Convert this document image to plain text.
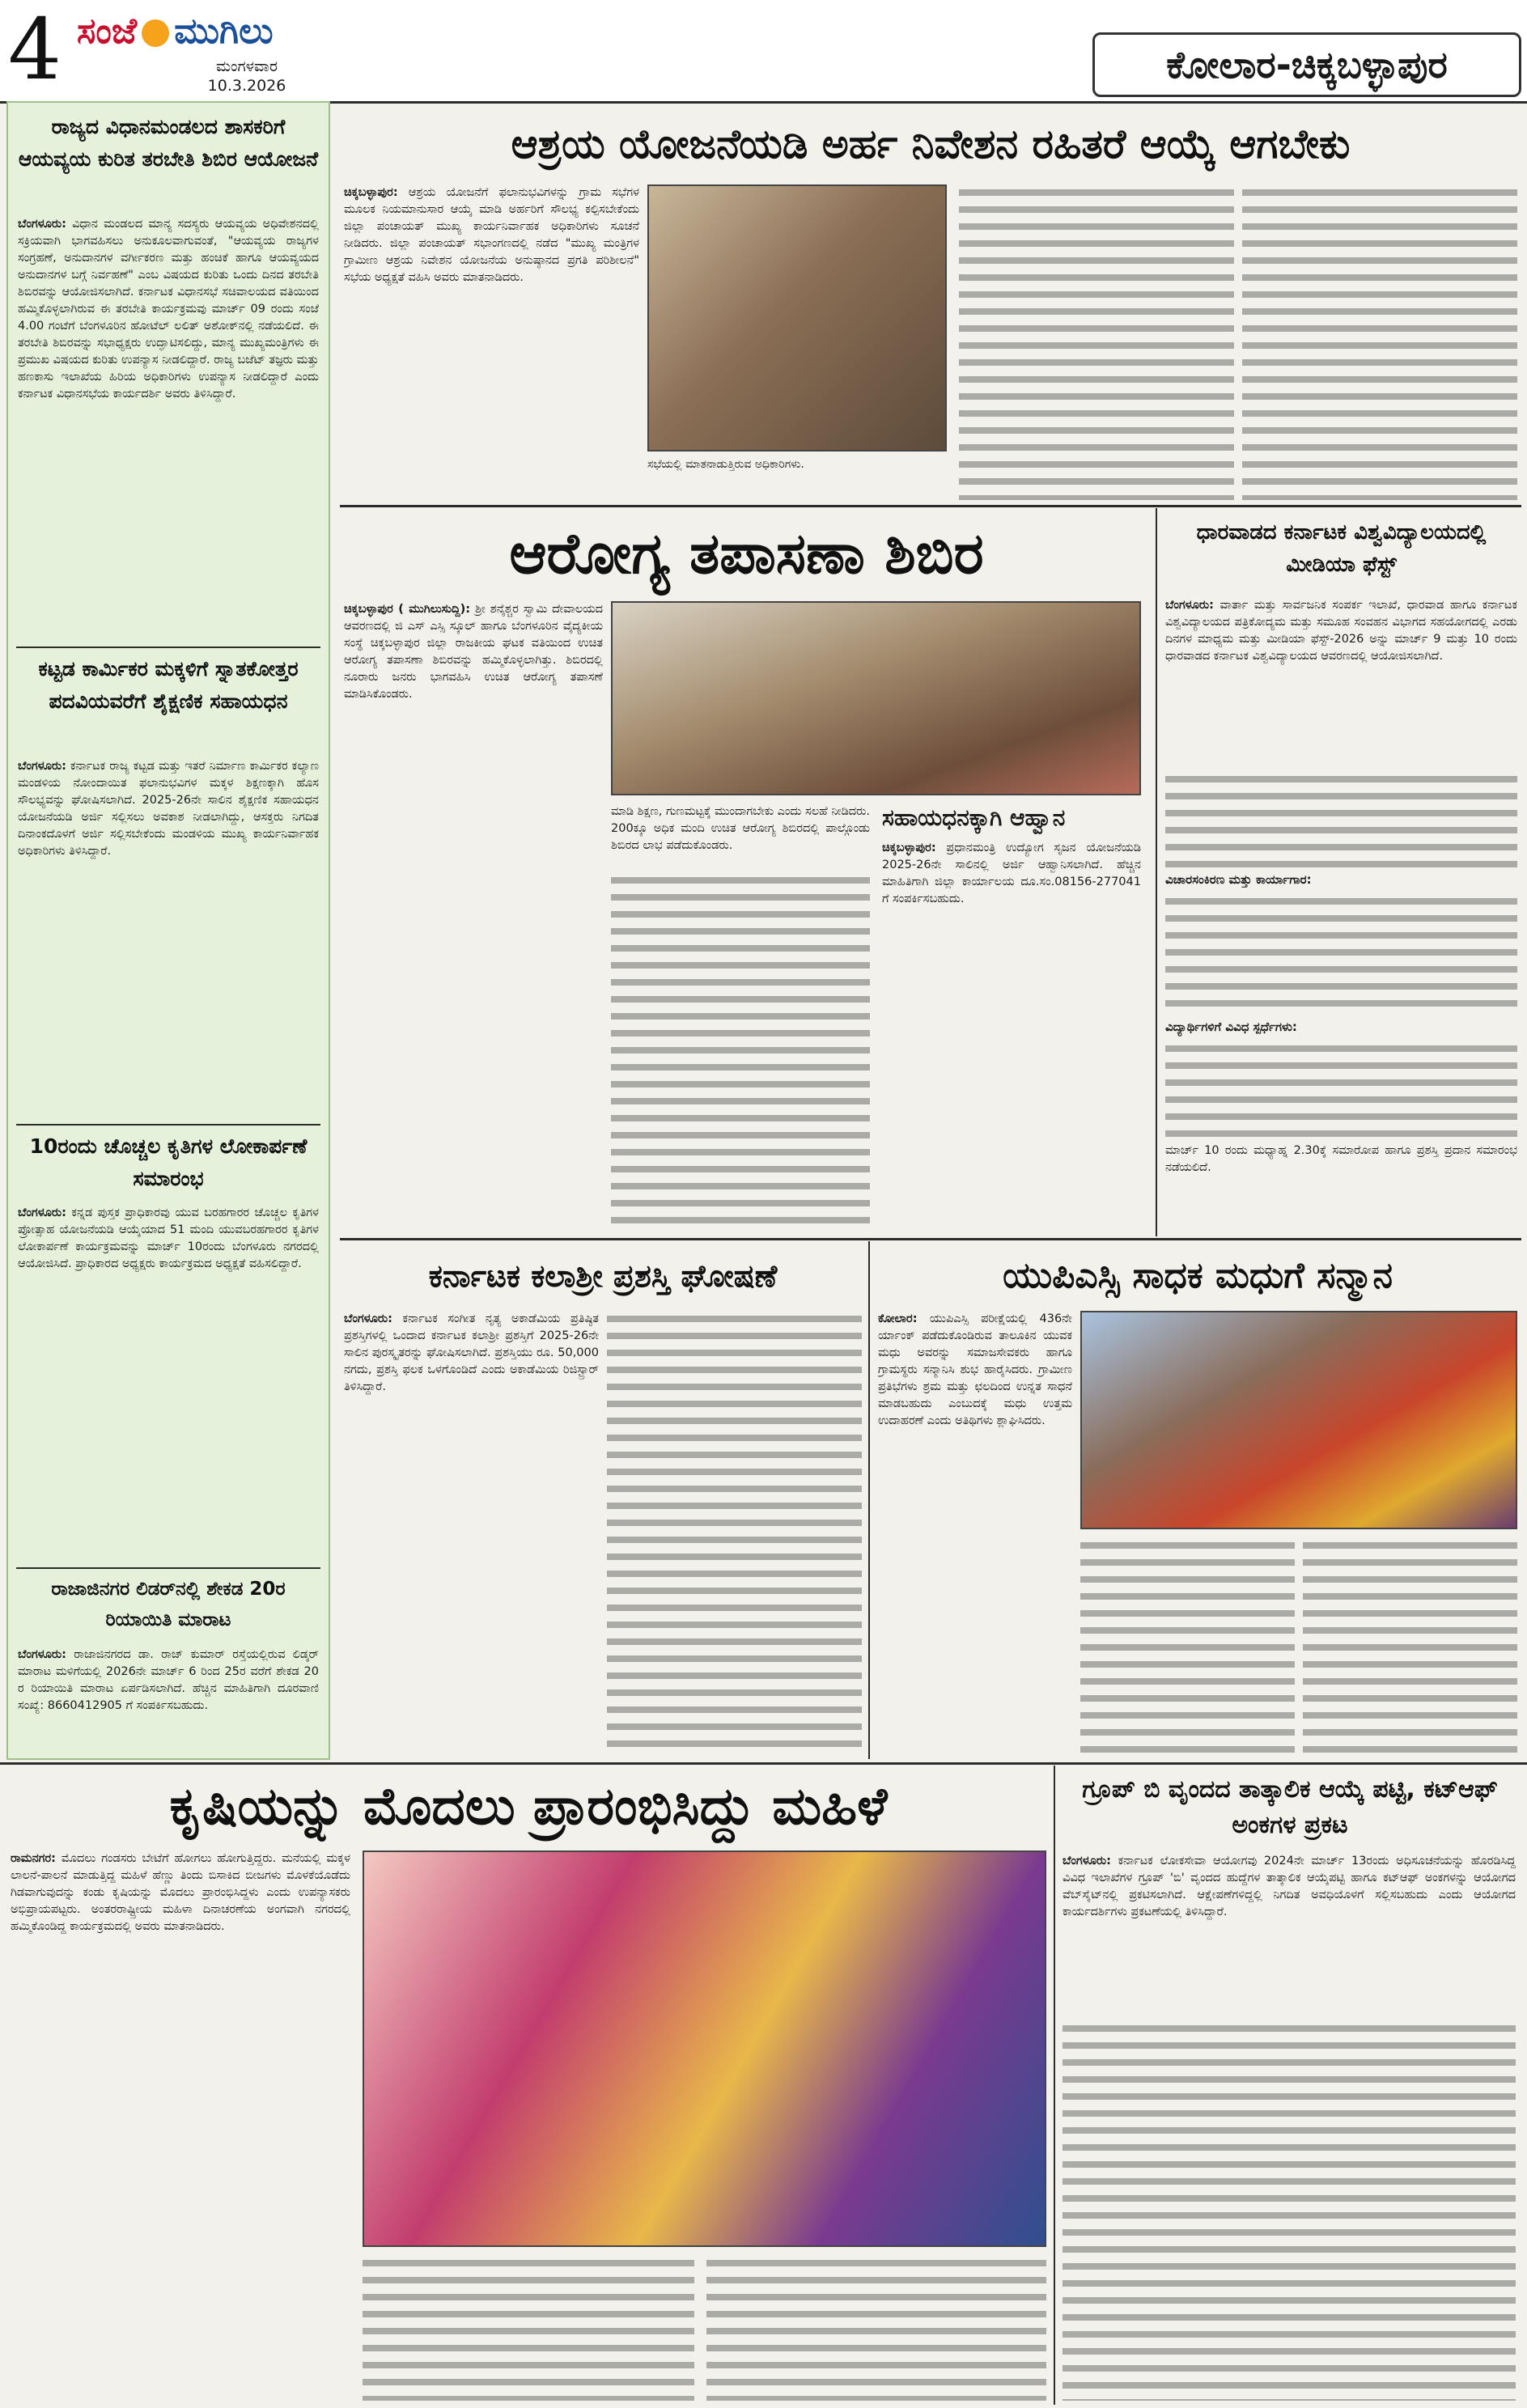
4 ಸಂಜೆ ಮುಗಿಲು
ಮಂಗಳವಾರ
10.3.2026	ಕೋಲಾರ-ಚಿಕ್ಕಬಳ್ಳಾಪುರ
ರಾಜ್ಯದ ವಿಧಾನಮಂಡಲದ ಶಾಸಕರಿಗೆ ಆಯವ್ಯಯ ಕುರಿತ ತರಬೇತಿ ಶಿಬಿರ ಆಯೋಜನೆ
ಬೆಂಗಳೂರು: ವಿಧಾನ ಮಂಡಲದ ಮಾನ್ಯ ಸದಸ್ಯರು ಆಯವ್ಯಯ ಅಧಿವೇಶನದಲ್ಲಿ ಸಕ್ರಿಯವಾಗಿ ಭಾಗವಹಿಸಲು ಅನುಕೂಲವಾಗುವಂತೆ, "ಆಯವ್ಯಯ ರಾಜ್ಯಗಳ ಸಂಗ್ರಹಣೆ, ಅನುದಾನಗಳ ವರ್ಗೀಕರಣ ಮತ್ತು ಹಂಚಿಕೆ ಹಾಗೂ ಆಯವ್ಯಯದ ಅನುದಾನಗಳ ಬಗ್ಗೆ ನಿರ್ವಹಣೆ" ಎಂಬ ವಿಷಯದ ಕುರಿತು ಒಂದು ದಿನದ ತರಬೇತಿ ಶಿಬಿರವನ್ನು ಆಯೋಜಿಸಲಾಗಿದೆ. ಕರ್ನಾಟಕ ವಿಧಾನಸಭೆ ಸಚಿವಾಲಯದ ವತಿಯಿಂದ ಹಮ್ಮಿಕೊಳ್ಳಲಾಗಿರುವ ಈ ತರಬೇತಿ ಕಾರ್ಯಕ್ರಮವು ಮಾರ್ಚ್ 09 ರಂದು ಸಂಜೆ 4.00 ಗಂಟೆಗೆ ಬೆಂಗಳೂರಿನ ಹೋಟೆಲ್ ಲಲಿತ್ ಅಶೋಕ್‌ನಲ್ಲಿ ನಡೆಯಲಿದೆ. ಈ ತರಬೇತಿ ಶಿಬಿರವನ್ನು ಸಭಾಧ್ಯಕ್ಷರು ಉದ್ಘಾಟಿಸಲಿದ್ದು, ಮಾನ್ಯ ಮುಖ್ಯಮಂತ್ರಿಗಳು ಈ ಪ್ರಮುಖ ವಿಷಯದ ಕುರಿತು ಉಪನ್ಯಾಸ ನೀಡಲಿದ್ದಾರೆ. ರಾಜ್ಯ ಬಜೆಟ್ ತಜ್ಞರು ಮತ್ತು ಹಣಕಾಸು ಇಲಾಖೆಯ ಹಿರಿಯ ಅಧಿಕಾರಿಗಳು ಉಪನ್ಯಾಸ ನೀಡಲಿದ್ದಾರೆ ಎಂದು ಕರ್ನಾಟಕ ವಿಧಾನಸಭೆಯ ಕಾರ್ಯದರ್ಶಿ ಅವರು ತಿಳಿಸಿದ್ದಾರೆ.
ಕಟ್ಟಡ ಕಾರ್ಮಿಕರ ಮಕ್ಕಳಿಗೆ ಸ್ನಾತಕೋತ್ತರ ಪದವಿಯವರೆಗೆ ಶೈಕ್ಷಣಿಕ ಸಹಾಯಧನ
ಬೆಂಗಳೂರು: ಕರ್ನಾಟಕ ರಾಜ್ಯ ಕಟ್ಟಡ ಮತ್ತು ಇತರೆ ನಿರ್ಮಾಣ ಕಾರ್ಮಿಕರ ಕಲ್ಯಾಣ ಮಂಡಳಿಯ ನೋಂದಾಯಿತ ಫಲಾನುಭವಿಗಳ ಮಕ್ಕಳ ಶಿಕ್ಷಣಕ್ಕಾಗಿ ಹೊಸ ಸೌಲಭ್ಯವನ್ನು ಘೋಷಿಸಲಾಗಿದೆ. 2025-26ನೇ ಸಾಲಿನ ಶೈಕ್ಷಣಿಕ ಸಹಾಯಧನ ಯೋಜನೆಯಡಿ ಅರ್ಜಿ ಸಲ್ಲಿಸಲು ಅವಕಾಶ ನೀಡಲಾಗಿದ್ದು, ಆಸಕ್ತರು ನಿಗದಿತ ದಿನಾಂಕದೊಳಗೆ ಅರ್ಜಿ ಸಲ್ಲಿಸಬೇಕೆಂದು ಮಂಡಳಿಯ ಮುಖ್ಯ ಕಾರ್ಯನಿರ್ವಾಹಕ ಅಧಿಕಾರಿಗಳು ತಿಳಿಸಿದ್ದಾರೆ.
10ರಂದು ಚೊಚ್ಚಲ ಕೃತಿಗಳ ಲೋಕಾರ್ಪಣೆ ಸಮಾರಂಭ
ಬೆಂಗಳೂರು: ಕನ್ನಡ ಪುಸ್ತಕ ಪ್ರಾಧಿಕಾರವು ಯುವ ಬರಹಗಾರರ ಚೊಚ್ಚಲ ಕೃತಿಗಳ ಪ್ರೋತ್ಸಾಹ ಯೋಜನೆಯಡಿ ಆಯ್ಕೆಯಾದ 51 ಮಂದಿ ಯುವಬರಹಗಾರರ ಕೃತಿಗಳ ಲೋಕಾರ್ಪಣೆ ಕಾರ್ಯಕ್ರಮವನ್ನು ಮಾರ್ಚ್ 10ರಂದು ಬೆಂಗಳೂರು ನಗರದಲ್ಲಿ ಆಯೋಜಿಸಿದೆ. ಪ್ರಾಧಿಕಾರದ ಅಧ್ಯಕ್ಷರು ಕಾರ್ಯಕ್ರಮದ ಅಧ್ಯಕ್ಷತೆ ವಹಿಸಲಿದ್ದಾರೆ.
ರಾಜಾಜಿನಗರ ಲಿಡರ್‌ನಲ್ಲಿ ಶೇಕಡ 20ರ ರಿಯಾಯಿತಿ ಮಾರಾಟ
ಬೆಂಗಳೂರು: ರಾಜಾಜಿನಗರದ ಡಾ. ರಾಜ್ ಕುಮಾರ್ ರಸ್ತೆಯಲ್ಲಿರುವ ಲಿಡ್ಕರ್ ಮಾರಾಟ ಮಳಿಗೆಯಲ್ಲಿ 2026ನೇ ಮಾರ್ಚ್ 6 ರಿಂದ 25ರ ವರೆಗೆ ಶೇಕಡ 20 ರ ರಿಯಾಯಿತಿ ಮಾರಾಟ ಏರ್ಪಡಿಸಲಾಗಿದೆ. ಹೆಚ್ಚಿನ ಮಾಹಿತಿಗಾಗಿ ದೂರವಾಣಿ ಸಂಖ್ಯೆ: 8660412905 ಗೆ ಸಂಪರ್ಕಿಸಬಹುದು.
ಆಶ್ರಯ ಯೋಜನೆಯಡಿ ಅರ್ಹ ನಿವೇಶನ ರಹಿತರೆ ಆಯ್ಕೆ ಆಗಬೇಕು
ಚಿಕ್ಕಬಳ್ಳಾಪುರ: ಆಶ್ರಯ ಯೋಜನೆಗೆ ಫಲಾನುಭವಿಗಳನ್ನು ಗ್ರಾಮ ಸಭೆಗಳ ಮೂಲಕ ನಿಯಮಾನುಸಾರ ಆಯ್ಕೆ ಮಾಡಿ ಅರ್ಹರಿಗೆ ಸೌಲಭ್ಯ ಕಲ್ಪಿಸಬೇಕೆಂದು ಜಿಲ್ಲಾ ಪಂಚಾಯತ್ ಮುಖ್ಯ ಕಾರ್ಯನಿರ್ವಾಹಕ ಅಧಿಕಾರಿಗಳು ಸೂಚನೆ ನೀಡಿದರು. ಜಿಲ್ಲಾ ಪಂಚಾಯತ್ ಸಭಾಂಗಣದಲ್ಲಿ ನಡೆದ "ಮುಖ್ಯ ಮಂತ್ರಿಗಳ ಗ್ರಾಮೀಣ ಆಶ್ರಯ ನಿವೇಶನ ಯೋಜನೆಯ ಅನುಷ್ಠಾನದ ಪ್ರಗತಿ ಪರಿಶೀಲನೆ" ಸಭೆಯ ಅಧ್ಯಕ್ಷತೆ ವಹಿಸಿ ಅವರು ಮಾತನಾಡಿದರು.
ಸಭೆಯಲ್ಲಿ ಮಾತನಾಡುತ್ತಿರುವ ಅಧಿಕಾರಿಗಳು.
ಆರೋಗ್ಯ ತಪಾಸಣಾ ಶಿಬಿರ
ಚಿಕ್ಕಬಳ್ಳಾಪುರ ( ಮುಗಿಲುಸುದ್ದಿ): ಶ್ರೀ ಶನೈಶ್ಚರ ಸ್ವಾಮಿ ದೇವಾಲಯದ ಆವರಣದಲ್ಲಿ ಜಿ ಎಸ್ ಎಸ್ಸಿ ಸ್ಕೂಲ್ ಹಾಗೂ ಬೆಂಗಳೂರಿನ ವೈದ್ಯಕೀಯ ಸಂಸ್ಥೆ ಚಿಕ್ಕಬಳ್ಳಾಪುರ ಜಿಲ್ಲಾ ರಾಜಕೀಯ ಘಟಕ ವತಿಯಿಂದ ಉಚಿತ ಆರೋಗ್ಯ ತಪಾಸಣಾ ಶಿಬಿರವನ್ನು ಹಮ್ಮಿಕೊಳ್ಳಲಾಗಿತ್ತು. ಶಿಬಿರದಲ್ಲಿ ನೂರಾರು ಜನರು ಭಾಗವಹಿಸಿ ಉಚಿತ ಆರೋಗ್ಯ ತಪಾಸಣೆ ಮಾಡಿಸಿಕೊಂಡರು.
ಮಾಡಿ ಶಿಕ್ಷಣ, ಗುಣಮಟ್ಟಕ್ಕೆ ಮುಂದಾಗಬೇಕು ಎಂದು ಸಲಹೆ ನೀಡಿದರು. 200ಕ್ಕೂ ಅಧಿಕ ಮಂದಿ ಉಚಿತ ಆರೋಗ್ಯ ಶಿಬಿರದಲ್ಲಿ ಪಾಲ್ಗೊಂಡು ಶಿಬಿರದ ಲಾಭ ಪಡೆದುಕೊಂಡರು.
ಸಹಾಯಧನಕ್ಕಾಗಿ ಆಹ್ವಾನ
ಚಿಕ್ಕಬಳ್ಳಾಪುರ: ಪ್ರಧಾನಮಂತ್ರಿ ಉದ್ಯೋಗ ಸೃಜನ ಯೋಜನೆಯಡಿ 2025-26ನೇ ಸಾಲಿನಲ್ಲಿ ಅರ್ಜಿ ಆಹ್ವಾನಿಸಲಾಗಿದೆ. ಹೆಚ್ಚಿನ ಮಾಹಿತಿಗಾಗಿ ಜಿಲ್ಲಾ ಕಾರ್ಯಾಲಯ ದೂ.ಸಂ.08156-277041 ಗೆ ಸಂಪರ್ಕಿಸಬಹುದು.
ಧಾರವಾಡದ ಕರ್ನಾಟಕ ವಿಶ್ವವಿದ್ಯಾಲಯದಲ್ಲಿ ಮೀಡಿಯಾ ಫೆಸ್ಟ್
ಬೆಂಗಳೂರು: ವಾರ್ತಾ ಮತ್ತು ಸಾರ್ವಜನಿಕ ಸಂಪರ್ಕ ಇಲಾಖೆ, ಧಾರವಾಡ ಹಾಗೂ ಕರ್ನಾಟಕ ವಿಶ್ವವಿದ್ಯಾಲಯದ ಪತ್ರಿಕೋದ್ಯಮ ಮತ್ತು ಸಮೂಹ ಸಂವಹನ ವಿಭಾಗದ ಸಹಯೋಗದಲ್ಲಿ ಎರಡು ದಿನಗಳ ಮಾಧ್ಯಮ ಮತ್ತು ಮೀಡಿಯಾ ಫೆಸ್ಟ್-2026 ಅನ್ನು ಮಾರ್ಚ್ 9 ಮತ್ತು 10 ರಂದು ಧಾರವಾಡದ ಕರ್ನಾಟಕ ವಿಶ್ವವಿದ್ಯಾಲಯದ ಆವರಣದಲ್ಲಿ ಆಯೋಜಿಸಲಾಗಿದೆ.
ವಿಚಾರಸಂಕಿರಣ ಮತ್ತು ಕಾರ್ಯಾಗಾರ:
ವಿದ್ಯಾರ್ಥಿಗಳಿಗೆ ವಿವಿಧ ಸ್ಪರ್ಧೆಗಳು:
ಮಾರ್ಚ್ 10 ರಂದು ಮಧ್ಯಾಹ್ನ 2.30ಕ್ಕೆ ಸಮಾರೋಪ ಹಾಗೂ ಪ್ರಶಸ್ತಿ ಪ್ರದಾನ ಸಮಾರಂಭ ನಡೆಯಲಿದೆ.
ಕರ್ನಾಟಕ ಕಲಾಶ್ರೀ ಪ್ರಶಸ್ತಿ ಘೋಷಣೆ
ಬೆಂಗಳೂರು: ಕರ್ನಾಟಕ ಸಂಗೀತ ನೃತ್ಯ ಅಕಾಡೆಮಿಯ ಪ್ರತಿಷ್ಠಿತ ಪ್ರಶಸ್ತಿಗಳಲ್ಲಿ ಒಂದಾದ ಕರ್ನಾಟಕ ಕಲಾಶ್ರೀ ಪ್ರಶಸ್ತಿಗೆ 2025-26ನೇ ಸಾಲಿನ ಪುರಸ್ಕೃತರನ್ನು ಘೋಷಿಸಲಾಗಿದೆ. ಪ್ರಶಸ್ತಿಯು ರೂ. 50,000 ನಗದು, ಪ್ರಶಸ್ತಿ ಫಲಕ ಒಳಗೊಂಡಿದೆ ಎಂದು ಅಕಾಡೆಮಿಯ ರಿಜಿಸ್ಟ್ರಾರ್ ತಿಳಿಸಿದ್ದಾರೆ.
ಯುಪಿಎಸ್ಸಿ ಸಾಧಕ ಮಧುಗೆ ಸನ್ಮಾನ
ಕೋಲಾರ: ಯುಪಿಎಸ್ಸಿ ಪರೀಕ್ಷೆಯಲ್ಲಿ 436ನೇ ರ್ಯಾಂಕ್ ಪಡೆದುಕೊಂಡಿರುವ ತಾಲೂಕಿನ ಯುವಕ ಮಧು ಅವರನ್ನು ಸಮಾಜಸೇವಕರು ಹಾಗೂ ಗ್ರಾಮಸ್ಥರು ಸನ್ಮಾನಿಸಿ ಶುಭ ಹಾರೈಸಿದರು. ಗ್ರಾಮೀಣ ಪ್ರತಿಭೆಗಳು ಶ್ರಮ ಮತ್ತು ಛಲದಿಂದ ಉನ್ನತ ಸಾಧನೆ ಮಾಡಬಹುದು ಎಂಬುದಕ್ಕೆ ಮಧು ಉತ್ತಮ ಉದಾಹರಣೆ ಎಂದು ಅತಿಥಿಗಳು ಶ್ಲಾಘಿಸಿದರು.
ಕೃಷಿಯನ್ನು ಮೊದಲು ಪ್ರಾರಂಭಿಸಿದ್ದು ಮಹಿಳೆ
ರಾಮನಗರ: ಮೊದಲು ಗಂಡಸರು ಬೇಟೆಗೆ ಹೋಗಲು ಹೋಗುತ್ತಿದ್ದರು. ಮನೆಯಲ್ಲಿ ಮಕ್ಕಳ ಲಾಲನೆ-ಪಾಲನೆ ಮಾಡುತ್ತಿದ್ದ ಮಹಿಳೆ ಹೆಣ್ಣು ತಿಂದು ಬಿಸಾಕಿದ ಬೀಜಗಳು ಮೊಳಕೆಯೊಡೆದು ಗಿಡವಾಗುವುದನ್ನು ಕಂಡು ಕೃಷಿಯನ್ನು ಮೊದಲು ಪ್ರಾರಂಭಿಸಿದ್ದಳು ಎಂದು ಉಪನ್ಯಾಸಕರು ಅಭಿಪ್ರಾಯಪಟ್ಟರು. ಅಂತರರಾಷ್ಟ್ರೀಯ ಮಹಿಳಾ ದಿನಾಚರಣೆಯ ಅಂಗವಾಗಿ ನಗರದಲ್ಲಿ ಹಮ್ಮಿಕೊಂಡಿದ್ದ ಕಾರ್ಯಕ್ರಮದಲ್ಲಿ ಅವರು ಮಾತನಾಡಿದರು.
ಗ್ರೂಪ್ ಬಿ ವೃಂದದ ತಾತ್ಕಾಲಿಕ ಆಯ್ಕೆ ಪಟ್ಟಿ, ಕಟ್‌ಆಫ್ ಅಂಕಗಳ ಪ್ರಕಟ
ಬೆಂಗಳೂರು: ಕರ್ನಾಟಕ ಲೋಕಸೇವಾ ಆಯೋಗವು 2024ನೇ ಮಾರ್ಚ್ 13ರಂದು ಅಧಿಸೂಚನೆಯನ್ನು ಹೊರಡಿಸಿದ್ದ ವಿವಿಧ ಇಲಾಖೆಗಳ ಗ್ರೂಪ್ 'ಬಿ' ವೃಂದದ ಹುದ್ದೆಗಳ ತಾತ್ಕಾಲಿಕ ಆಯ್ಕೆಪಟ್ಟಿ ಹಾಗೂ ಕಟ್‌ಆಫ್ ಅಂಕಗಳನ್ನು ಆಯೋಗದ ವೆಬ್‌ಸೈಟ್‌ನಲ್ಲಿ ಪ್ರಕಟಿಸಲಾಗಿದೆ. ಆಕ್ಷೇಪಣೆಗಳಿದ್ದಲ್ಲಿ ನಿಗದಿತ ಅವಧಿಯೊಳಗೆ ಸಲ್ಲಿಸಬಹುದು ಎಂದು ಆಯೋಗದ ಕಾರ್ಯದರ್ಶಿಗಳು ಪ್ರಕಟಣೆಯಲ್ಲಿ ತಿಳಿಸಿದ್ದಾರೆ.
